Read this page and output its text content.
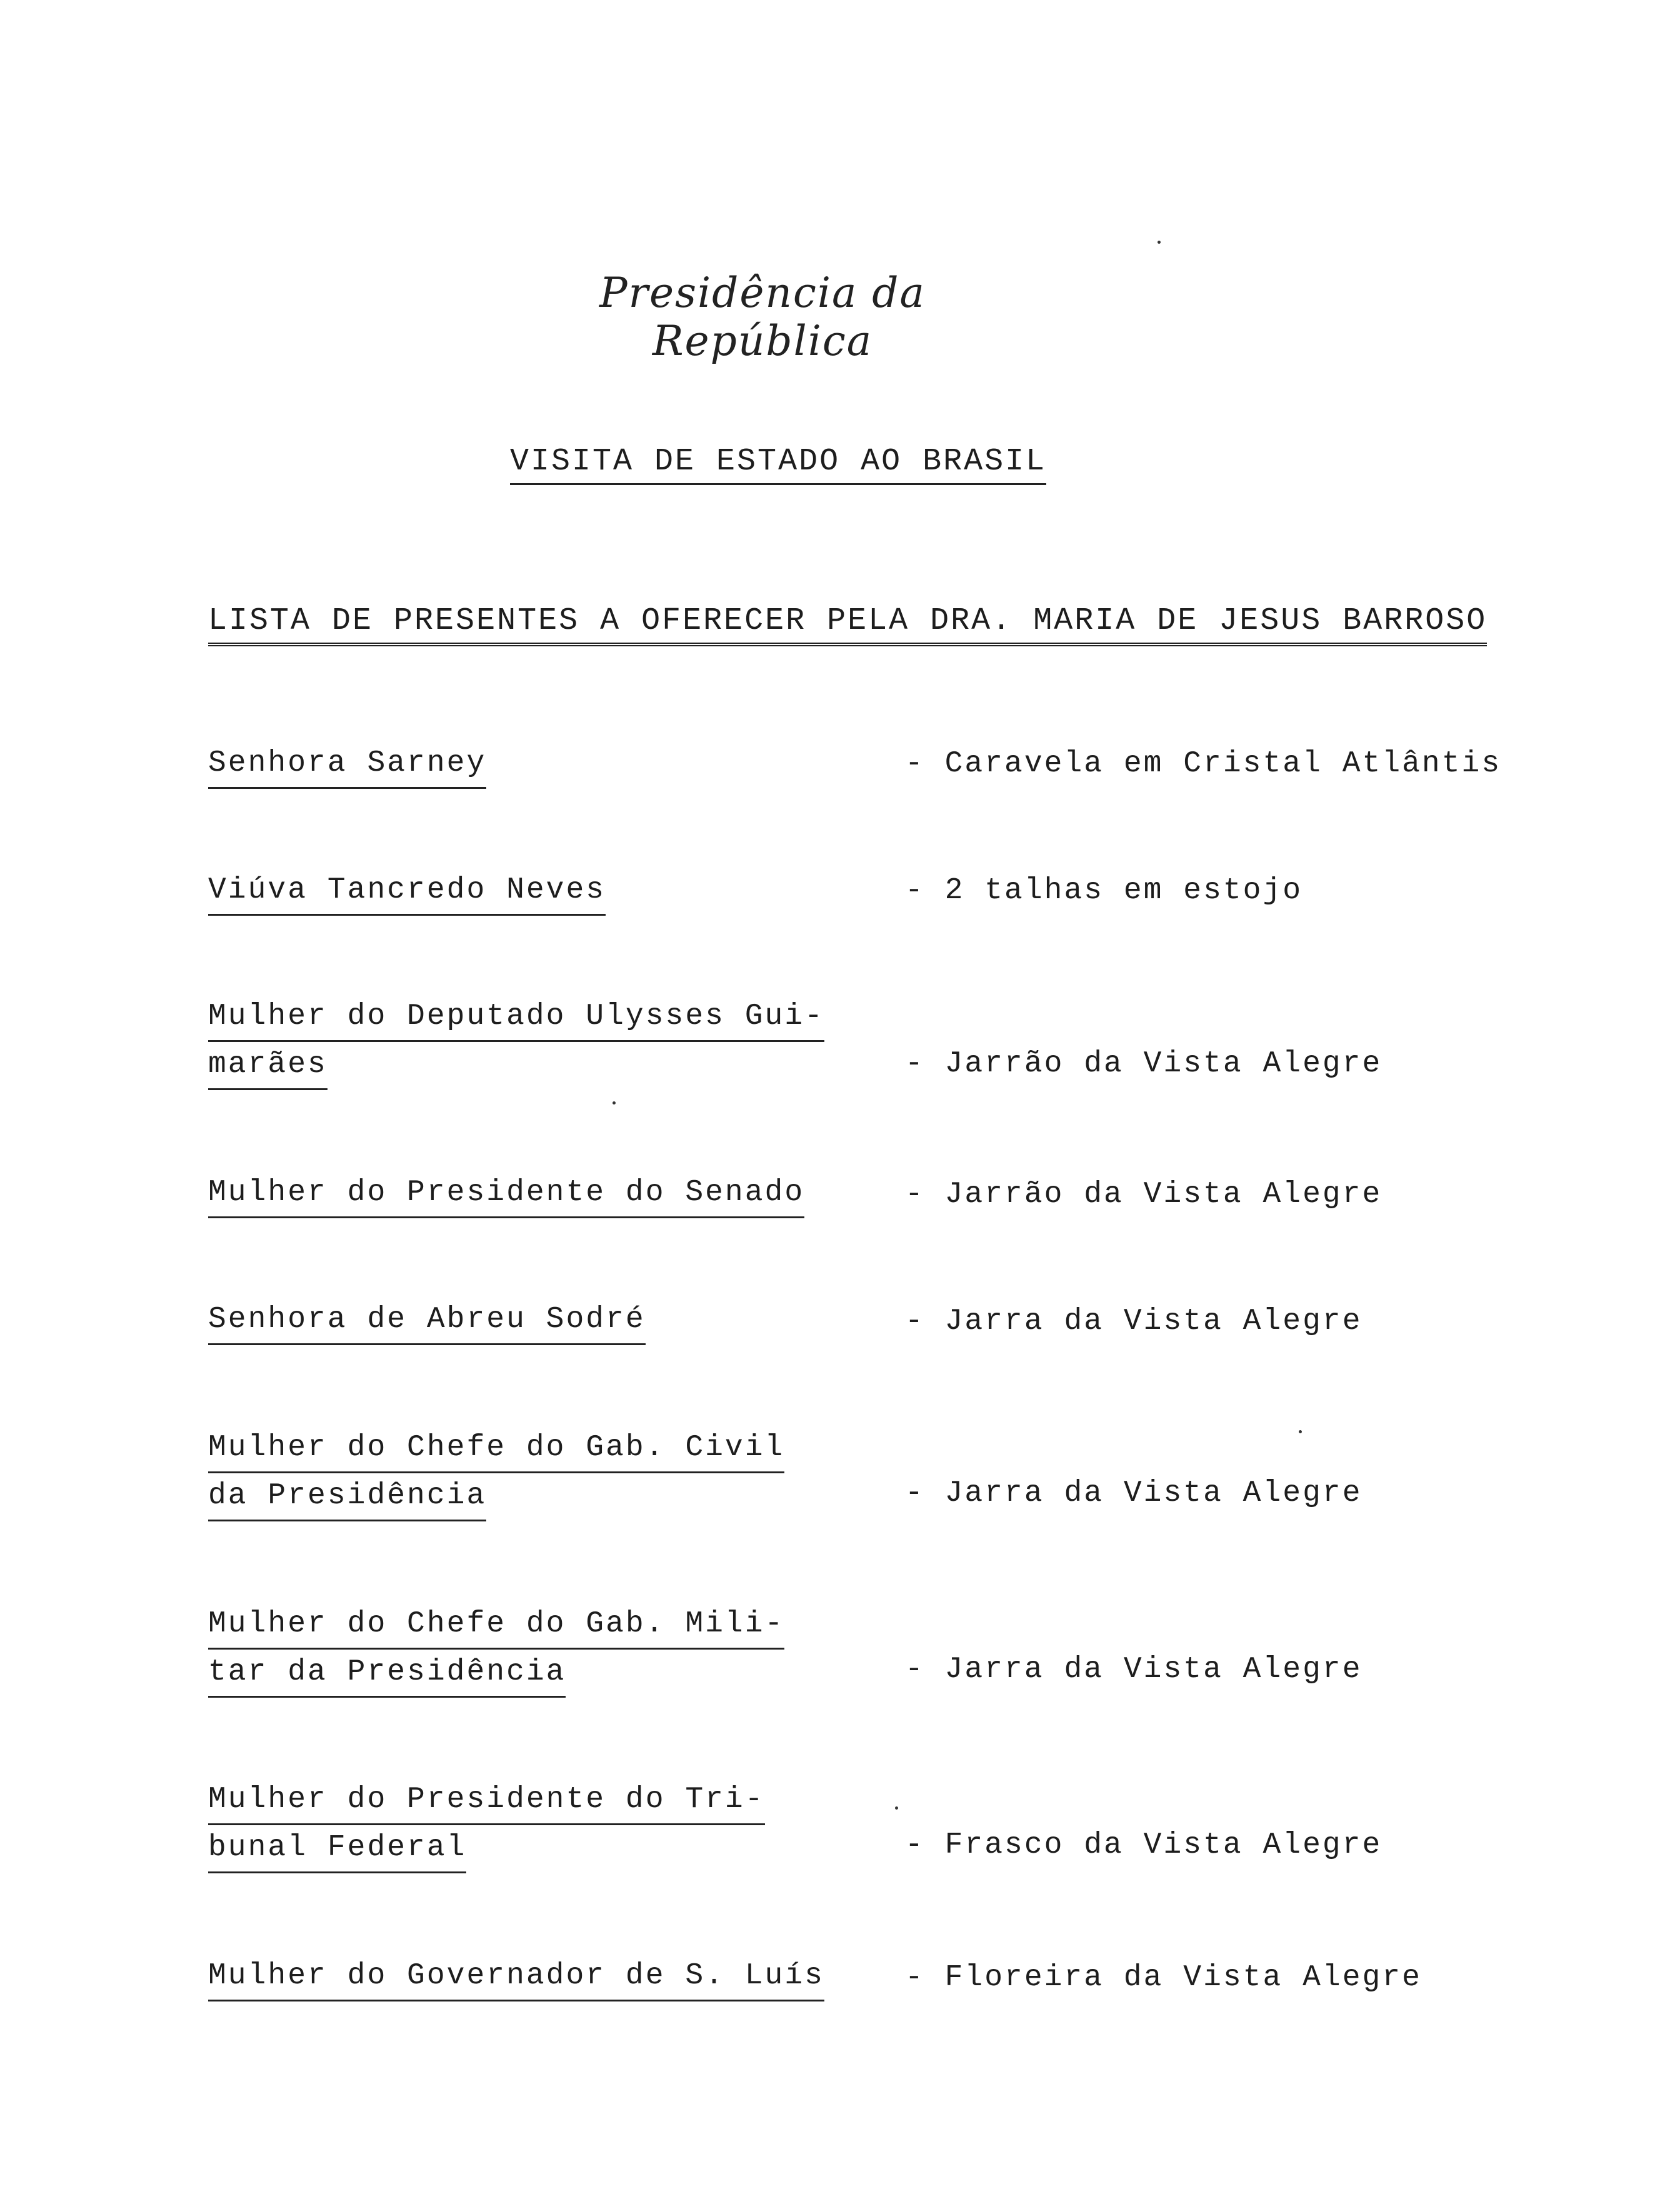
Presidência da República
VISITA DE ESTADO AO BRASIL
LISTA DE PRESENTES A OFERECER PELA DRA. MARIA DE JESUS BARROSO
Senhora Sarney	- Caravela em Cristal Atlântis
Viúva Tancredo Neves	- 2 talhas em estojo
Mulher do Deputado Ulysses Gui-
marães	- Jarrão da Vista Alegre
Mulher do Presidente do Senado	- Jarrão da Vista Alegre
Senhora de Abreu Sodré	- Jarra da Vista Alegre
Mulher do Chefe do Gab. Civil
da Presidência	- Jarra da Vista Alegre
Mulher do Chefe do Gab. Mili-
tar da Presidência	- Jarra da Vista Alegre
Mulher do Presidente do Tri-
bunal Federal	- Frasco da Vista Alegre
Mulher do Governador de S. Luís	- Floreira da Vista Alegre
